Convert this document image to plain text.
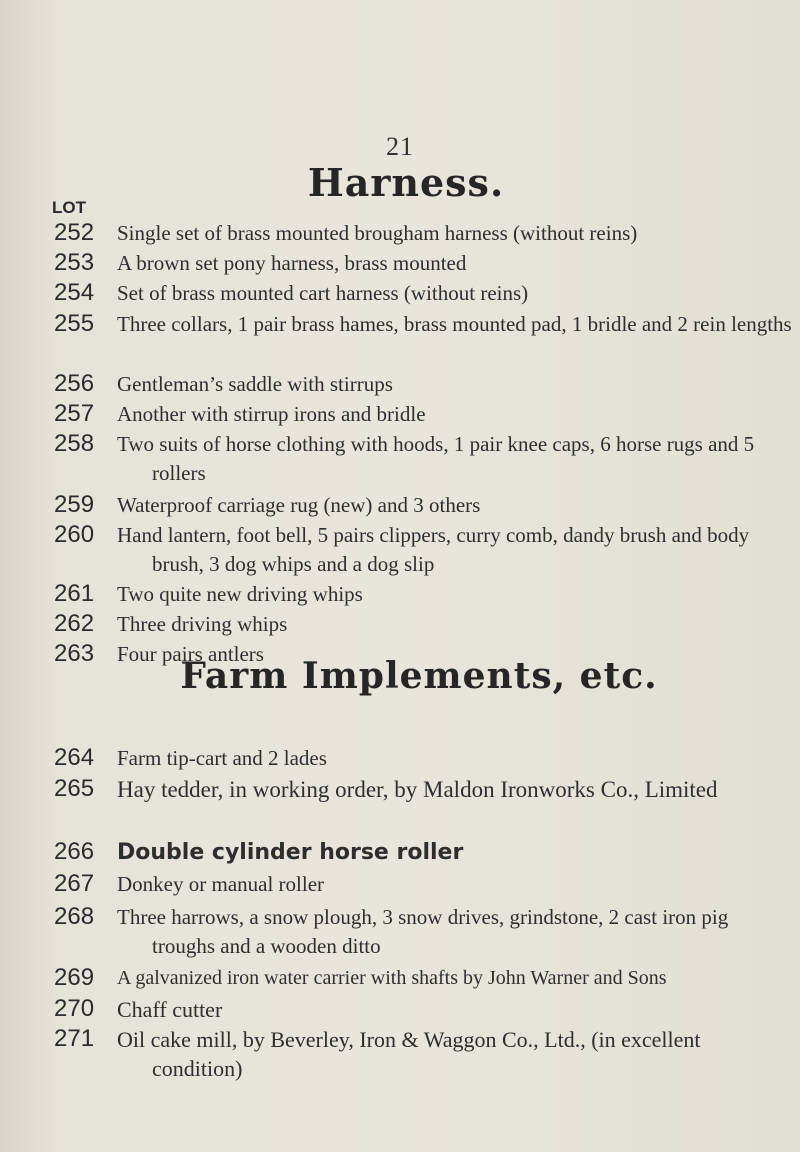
21
Harness.
LOT
252 Single set of brass mounted brougham harness (without reins)
253 A brown set pony harness, brass mounted
254 Set of brass mounted cart harness (without reins)
255 Three collars, 1 pair brass hames, brass mounted pad, 1 bridle and 2 rein lengths
256 Gentleman’s saddle with stirrups
257 Another with stirrup irons and bridle
258 Two suits of horse clothing with hoods, 1 pair knee caps, 6 horse rugs and 5 rollers
259 Waterproof carriage rug (new) and 3 others
260 Hand lantern, foot bell, 5 pairs clippers, curry comb, dandy brush and body brush, 3 dog whips and a dog slip
261 Two quite new driving whips
262 Three driving whips
263 Four pairs antlers
Farm Implements, etc.
264 Farm tip-cart and 2 lades
265 Hay tedder, in working order, by Maldon Ironworks Co., Limited
266 Double cylinder horse roller
267 Donkey or manual roller
268 Three harrows, a snow plough, 3 snow drives, grindstone, 2 cast iron pig troughs and a wooden ditto
269 A galvanized iron water carrier with shafts by John Warner and Sons
270 Chaff cutter
271 Oil cake mill, by Beverley, Iron & Waggon Co., Ltd., (in excellent condition)
